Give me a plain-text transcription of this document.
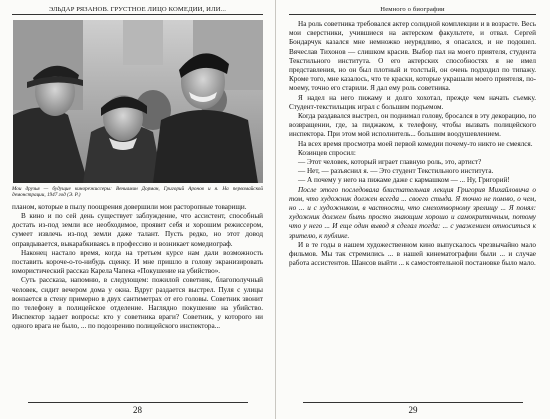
ЭЛЬДАР РЯЗАНОВ. ГРУСТНОЕ ЛИЦО КОМЕДИИ, ИЛИ...
Мои друзья — будущие кинорежиссеры: Вениамин Дорман, Григорий Аронов и я. На первомайской демонстрации, 1947 год (Э. Р.)

планом, которые в пылу поощрения довершили мои расторопные товарищи.

В кино и по сей день существует заблуждение, что ассистент, способный достать из-под земли все необходимое, проявит себя и хорошим режиссером, сумеет извлечь из-под земли даже талант. Пусть редко, но этот довод оправдывается, выкарабкиваясь в профессию и возникает комедиограф.

Наконец настало время, когда на третьем курсе нам дали возможность поставить короче-о-то-нибудь сценку. И мне пришло в голову экранизировать юмористический рассказ Карела Чапека «Покушение на убийство».

Суть рассказа, напомню, в следующем: пожилой советник, благополучный человек, сидит вечером дома у окна. Вдруг раздается выстрел. Пуля с улицы вонзается в стену примерно в двух сантиметрах от его головы. Советник звонит по телефону в полицейское отделение. Наглядно покушение на убийство. Инспектор задает вопросы: кто у советника враги? Советник, у которого ни одного врага не было, ... по подозрению полицейского инспектора...

28
Немного о биографии

На роль советника требовался актер солидной комплекции и в возрасте. Весь мои сверстники, учившиеся на актерском факультете, и отвал. Сергей Бондарчук казался мне немножко неурядливо, я опасался, и не подошел. Вячеслав Тихонов — слишком красив. Выбор пал на моего приятеля, студента Текстильного института. О его актерских способностях я не имел представления, но он был плотный и толстый, он очень подходил по типажу. Кроме того, мне казалось, что те краски, которые украшали моего приятеля, по-моему, точно его старили. Я дал ему роль советника.

Я надел на него пижаму и долго хохотал, прежде чем начать съемку. Студент-текстильщик играл с большим подъемом.

Когда раздавался выстрел, он поднимал голову, бросался в эту декорацию, по возвращении, где, за пиджаком, к телефону, чтобы вызвать полицейского инспектора. При этом мой исполнитель... большим воодушевлением.

На всех время просмотра моей первой комедии почему-то никто не смеялся.

Козинцев спросил:

— Этот человек, который играет главную роль, это, артист?

— Нет, — разъяснил я. — Это студент Текстильного института.

— А почему у него на пижаме даже с кармашком — ... Ну, Григорий!

После этого последовала блистательная лекция Григория Михайловича о том, что художник должен всегда ... своего стыда. Я точно не помню, о чем, но ... и с художником, в частности, что смехотворному зрелищу ... Я понял: художник должен быть просто знающим хорошо и самокритичным, потому что у него ... И еще один вывод я сделал тогда: ... с уважением относиться к зрителю, к публике.

И в те годы в нашем художественном кино выпускалось чрезвычайно мало фильмов. Мы так стремились ... в нашей кинематографии были ... и случае работа ассистентов. Шансов выйти ... к самостоятельной постановке было мало.

29
